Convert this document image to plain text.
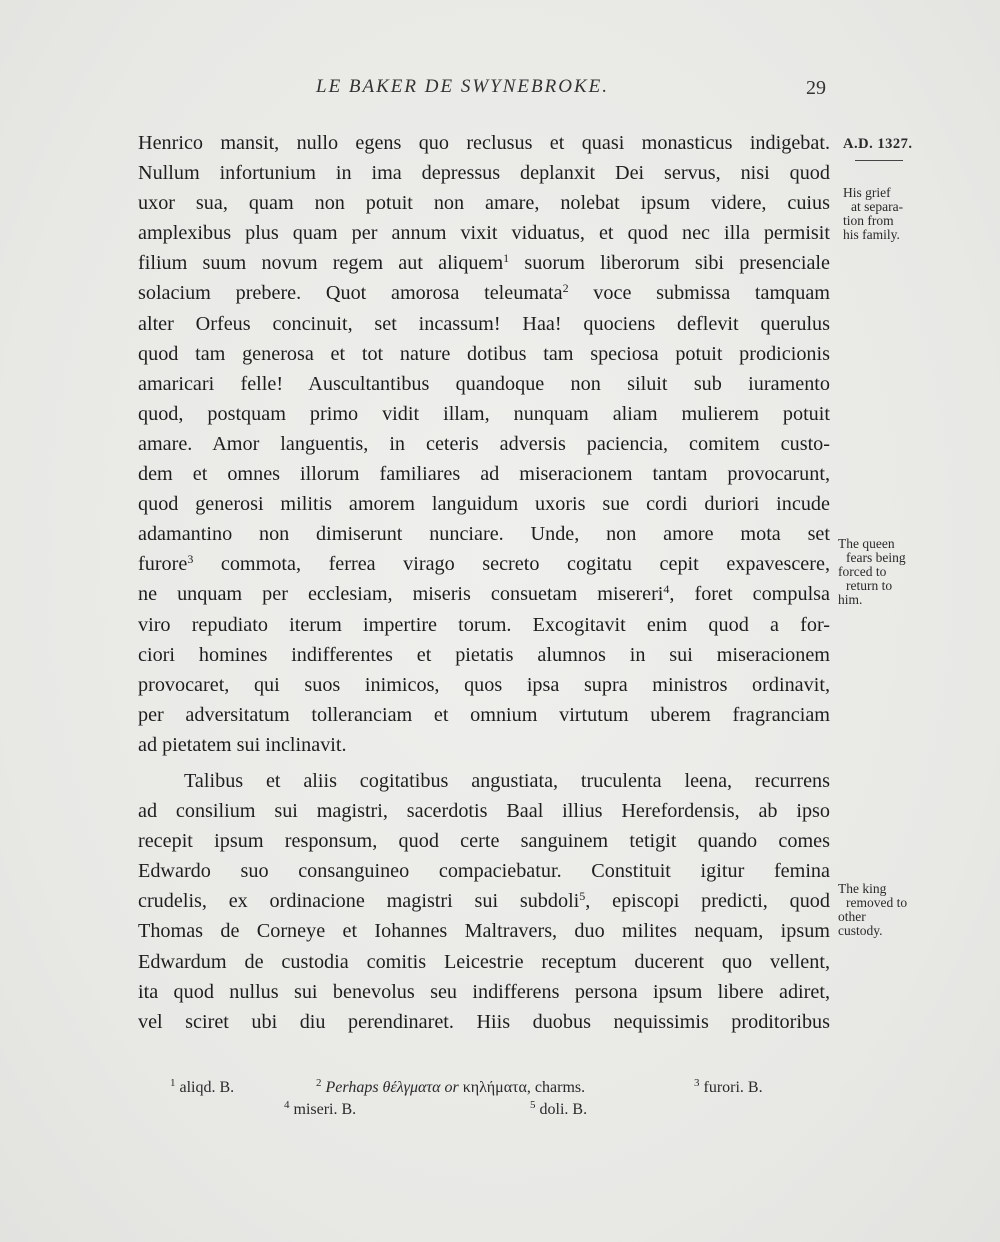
LE BAKER DE SWYNEBROKE.	29
A.D. 1327.
His grief
at separa-
tion from
his family.
The queen
fears being
forced to
return to
him.
The king
removed to
other
custody.
Henrico mansit, nullo egens quo reclusus et quasi monasticus indigebat.
Nullum infortunium in ima depressus deplanxit Dei servus, nisi quod
uxor sua, quam non potuit non amare, nolebat ipsum videre, cuius
amplexibus plus quam per annum vixit viduatus, et quod nec illa permisit
filium suum novum regem aut aliquem$^1$ suorum liberorum sibi presenciale
solacium prebere. Quot amorosa teleumata$^2$ voce submissa tamquam
alter Orfeus concinuit, set incassum! Haa! quociens deflevit querulus
quod tam generosa et tot nature dotibus tam speciosa potuit prodicionis
amaricari felle! Auscultantibus quandoque non siluit sub iuramento
quod, postquam primo vidit illam, nunquam aliam mulierem potuit
amare. Amor languentis, in ceteris adversis paciencia, comitem custo-
dem et omnes illorum familiares ad miseracionem tantam provocarunt,
quod generosi militis amorem languidum uxoris sue cordi duriori incude
adamantino non dimiserunt nunciare. Unde, non amore mota set
furore$^3$ commota, ferrea virago secreto cogitatu cepit expavescere,
ne unquam per ecclesiam, miseris consuetam misereri$^4$, foret compulsa
viro repudiato iterum impertire torum. Excogitavit enim quod a for-
ciori homines indifferentes et pietatis alumnos in sui miseracionem
provocaret, qui suos inimicos, quos ipsa supra ministros ordinavit,
per adversitatum tolleranciam et omnium virtutum uberem fragranciam
ad pietatem sui inclinavit.
Talibus et aliis cogitatibus angustiata, truculenta leena, recurrens
ad consilium sui magistri, sacerdotis Baal illius Herefordensis, ab ipso
recepit ipsum responsum, quod certe sanguinem tetigit quando comes
Edwardo suo consanguineo compaciebatur. Constituit igitur femina
crudelis, ex ordinacione magistri sui subdoli$^5$, episcopi predicti, quod
Thomas de Corneye et Iohannes Maltravers, duo milites nequam, ipsum
Edwardum de custodia comitis Leicestrie receptum ducerent quo vellent,
ita quod nullus sui benevolus seu indifferens persona ipsum libere adiret,
vel sciret ubi diu perendinaret. Hiis duobus nequissimis proditoribus
$^1$ aliqd. B.	$^2$ Perhaps θέλγματα or κηλήματα, charms.	$^3$ furori. B.
$^4$ miseri. B.	$^5$ doli. B.
